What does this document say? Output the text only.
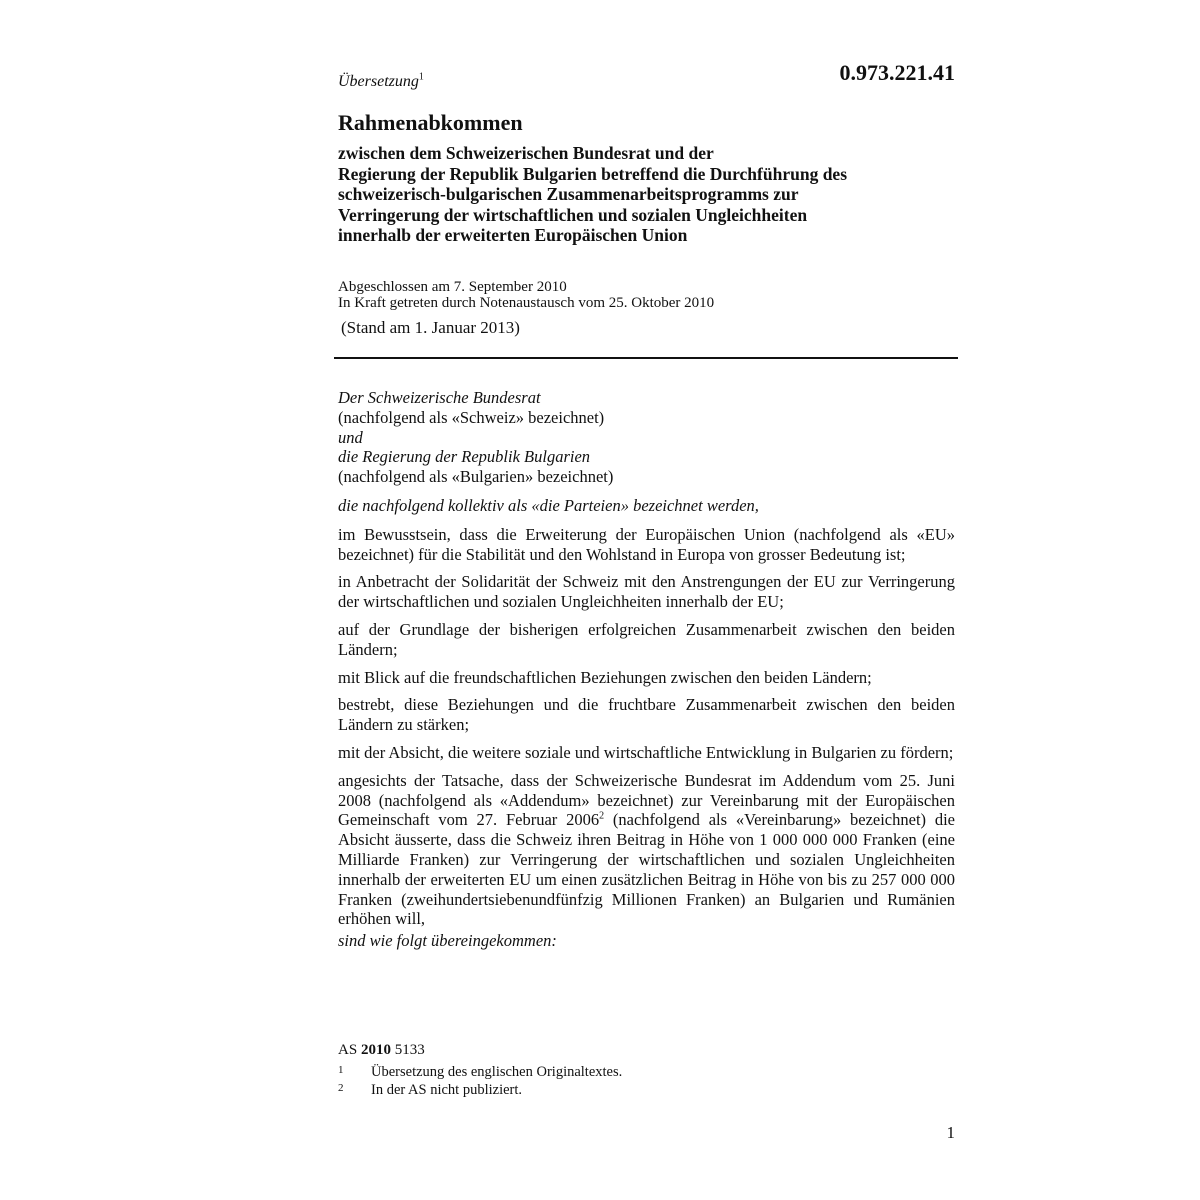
Übersetzung$^1$	0.973.221.41
Rahmenabkommen
zwischen dem Schweizerischen Bundesrat und der
Regierung der Republik Bulgarien betreffend die Durchführung des
schweizerisch-bulgarischen Zusammenarbeitsprogramms zur
Verringerung der wirtschaftlichen und sozialen Ungleichheiten
innerhalb der erweiterten Europäischen Union
Abgeschlossen am 7. September 2010
In Kraft getreten durch Notenaustausch vom 25. Oktober 2010
(Stand am 1. Januar 2013)
Der Schweizerische Bundesrat
(nachfolgend als «Schweiz» bezeichnet)
und
die Regierung der Republik Bulgarien
(nachfolgend als «Bulgarien» bezeichnet)
die nachfolgend kollektiv als «die Parteien» bezeichnet werden,

im Bewusstsein, dass die Erweiterung der Europäischen Union (nachfolgend als «EU» bezeichnet) für die Stabilität und den Wohlstand in Europa von grosser Bedeutung ist;

in Anbetracht der Solidarität der Schweiz mit den Anstrengungen der EU zur Verringerung der wirtschaftlichen und sozialen Ungleichheiten innerhalb der EU;

auf der Grundlage der bisherigen erfolgreichen Zusammenarbeit zwischen den beiden Ländern;

mit Blick auf die freundschaftlichen Beziehungen zwischen den beiden Ländern;

bestrebt, diese Beziehungen und die fruchtbare Zusammenarbeit zwischen den beiden Ländern zu stärken;

mit der Absicht, die weitere soziale und wirtschaftliche Entwicklung in Bulgarien zu fördern;

angesichts der Tatsache, dass der Schweizerische Bundesrat im Addendum vom 25. Juni 2008 (nachfolgend als «Addendum» bezeichnet) zur Vereinbarung mit der Europäischen Gemeinschaft vom 27. Februar 2006$^2$ (nachfolgend als «Vereinbarung» bezeichnet) die Absicht äusserte, dass die Schweiz ihren Beitrag in Höhe von 1 000 000 000 Franken (eine Milliarde Franken) zur Verringerung der wirtschaftlichen und sozialen Ungleichheiten innerhalb der erweiterten EU um einen zusätzlichen Beitrag in Höhe von bis zu 257 000 000 Franken (zweihundertsiebenundfünfzig Millionen Franken) an Bulgarien und Rumänien erhöhen will,

sind wie folgt übereingekommen:
AS 2010 5133
1 Übersetzung des englischen Originaltextes.
2 In der AS nicht publiziert.
1
